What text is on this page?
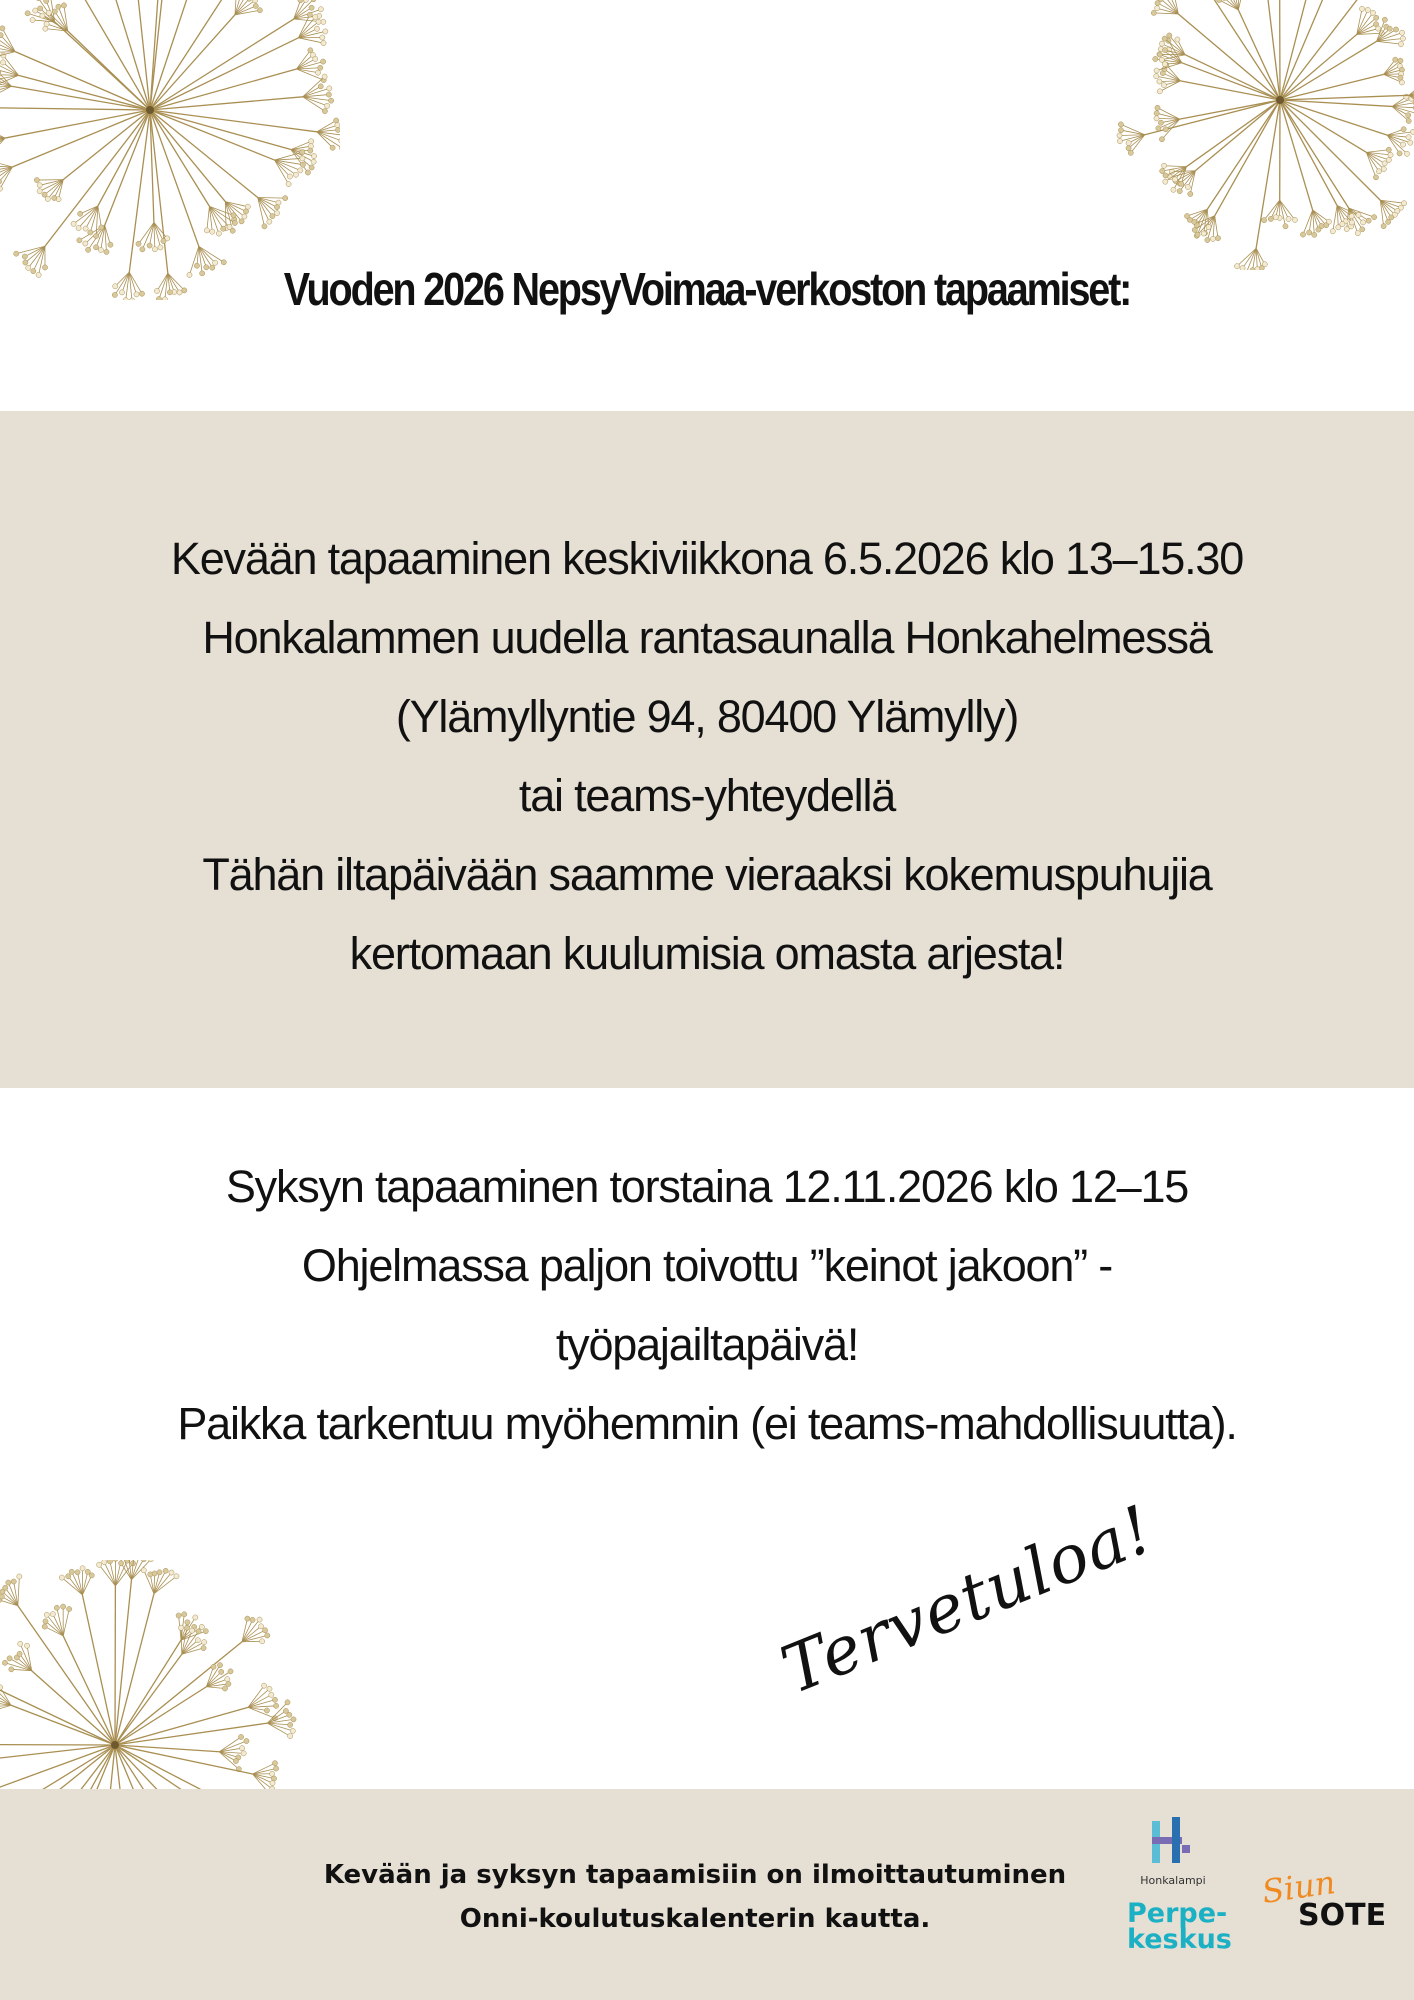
Vuoden 2026 NepsyVoimaa-verkoston tapaamiset:
Kevään tapaaminen keskiviikkona 6.5.2026 klo 13–15.30
Honkalammen uudella rantasaunalla Honkahelmessä
(Ylämyllyntie 94, 80400 Ylämylly)
tai teams-yhteydellä
Tähän iltapäivään saamme vieraaksi kokemuspuhujia
kertomaan kuulumisia omasta arjesta!
Syksyn tapaaminen torstaina 12.11.2026 klo 12–15
Ohjelmassa paljon toivottu ”keinot jakoon” -
työpajailtapäivä!
Paikka tarkentuu myöhemmin (ei teams-mahdollisuutta).
Tervetuloa!
Kevään ja syksyn tapaamisiin on ilmoittautuminen
Onni-koulutuskalenterin kautta.
Honkalampi
Perpe-
keskus
Siun
SOTE
